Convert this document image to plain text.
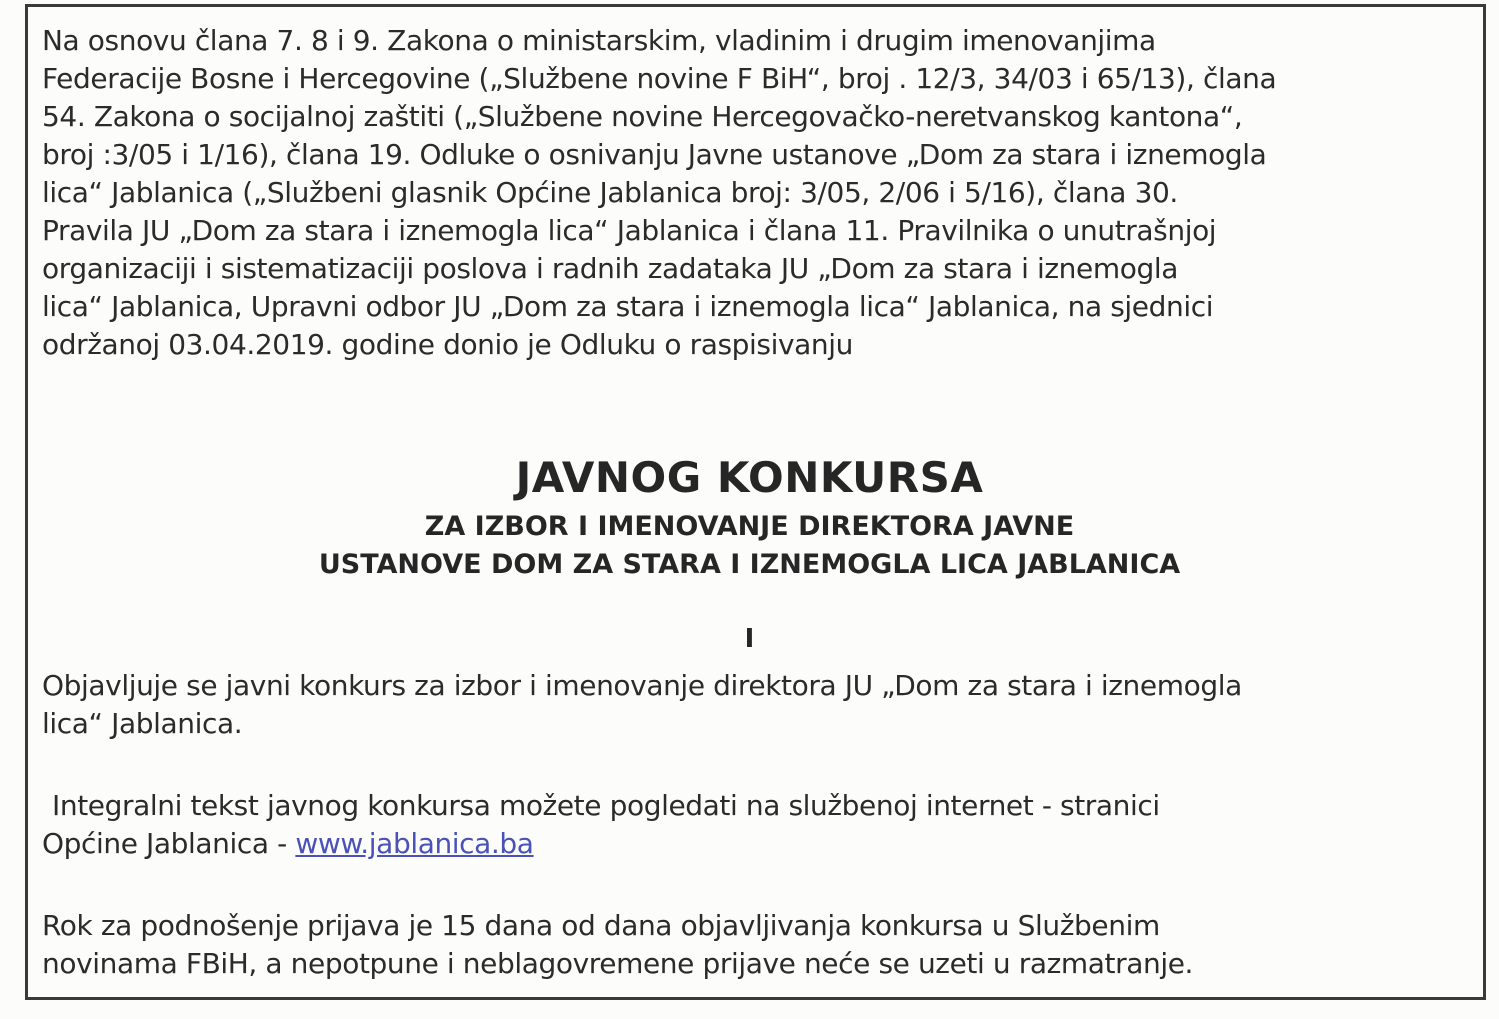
Na osnovu člana 7. 8 i 9. Zakona o ministarskim, vladinim i drugim imenovanjima
Federacije Bosne i Hercegovine („Službene novine F BiH“, broj . 12/3, 34/03 i 65/13), člana
54. Zakona o socijalnoj zaštiti („Službene novine Hercegovačko-neretvanskog kantona“,
broj :3/05 i 1/16), člana 19. Odluke o osnivanju Javne ustanove „Dom za stara i iznemogla
lica“ Jablanica („Službeni glasnik Općine Jablanica broj: 3/05, 2/06 i 5/16), člana 30.
Pravila JU „Dom za stara i iznemogla lica“ Jablanica i člana 11. Pravilnika o unutrašnjoj
organizaciji i sistematizaciji poslova i radnih zadataka JU „Dom za stara i iznemogla
lica“ Jablanica, Upravni odbor JU „Dom za stara i iznemogla lica“ Jablanica, na sjednici
održanoj 03.04.2019. godine donio je Odluku o raspisivanju
JAVNOG KONKURSA
ZA IZBOR I IMENOVANJE DIREKTORA JAVNE
USTANOVE DOM ZA STARA I IZNEMOGLA LICA JABLANICA
I
Objavljuje se javni konkurs za izbor i imenovanje direktora JU „Dom za stara i iznemogla
lica“ Jablanica.
Integralni tekst javnog konkursa možete pogledati na službenoj internet - stranici
Općine Jablanica - www.jablanica.ba
Rok za podnošenje prijava je 15 dana od dana objavljivanja konkursa u Službenim
novinama FBiH, a nepotpune i neblagovremene prijave neće se uzeti u razmatranje.
